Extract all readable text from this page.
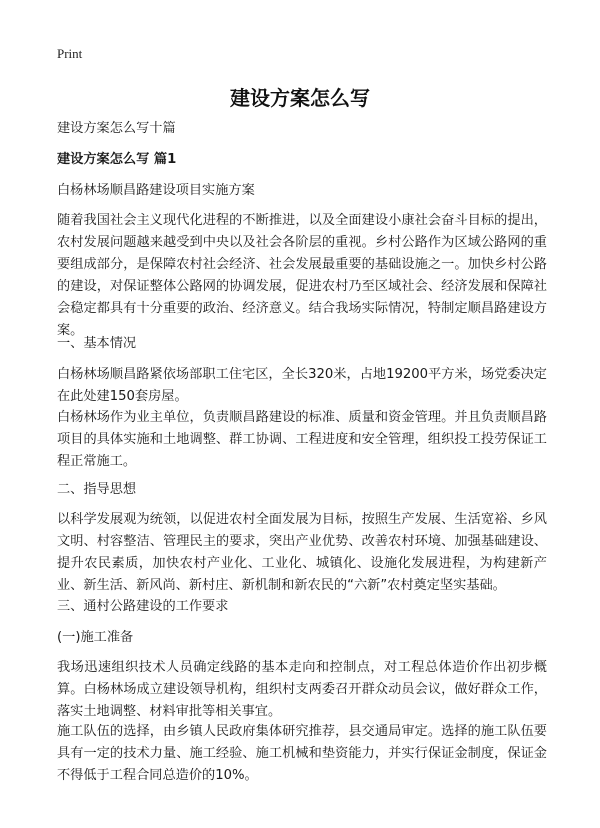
Print
建设方案怎么写
建设方案怎么写十篇
建设方案怎么写 篇1
白杨林场顺昌路建设项目实施方案
随着我国社会主义现代化进程的不断推进，以及全面建设小康社会奋斗目标的提出，农村发展问题越来越受到中央以及社会各阶层的重视。乡村公路作为区域公路网的重要组成部分，是保障农村社会经济、社会发展最重要的基础设施之一。加快乡村公路的建设，对保证整体公路网的协调发展，促进农村乃至区域社会、经济发展和保障社会稳定都具有十分重要的政治、经济意义。结合我场实际情况，特制定顺昌路建设方案。
一、基本情况
白杨林场顺昌路紧依场部职工住宅区，全长320米，占地19200平方米，场党委决定在此处建150套房屋。
白杨林场作为业主单位，负责顺昌路建设的标准、质量和资金管理。并且负责顺昌路项目的具体实施和土地调整、群工协调、工程进度和安全管理，组织投工投劳保证工程正常施工。
二、指导思想
以科学发展观为统领，以促进农村全面发展为目标，按照生产发展、生活宽裕、乡风文明、村容整洁、管理民主的要求，突出产业优势、改善农村环境、加强基础建设、提升农民素质，加快农村产业化、工业化、城镇化、设施化发展进程，为构建新产业、新生活、新风尚、新村庄、新机制和新农民的“六新”农村奠定坚实基础。
三、通村公路建设的工作要求
(一)施工准备
我场迅速组织技术人员确定线路的基本走向和控制点，对工程总体造价作出初步概算。白杨林场成立建设领导机构，组织村支两委召开群众动员会议，做好群众工作，落实土地调整、材料审批等相关事宜。
施工队伍的选择，由乡镇人民政府集体研究推荐，县交通局审定。选择的施工队伍要具有一定的技术力量、施工经验、施工机械和垫资能力，并实行保证金制度，保证金不得低于工程合同总造价的10%。
